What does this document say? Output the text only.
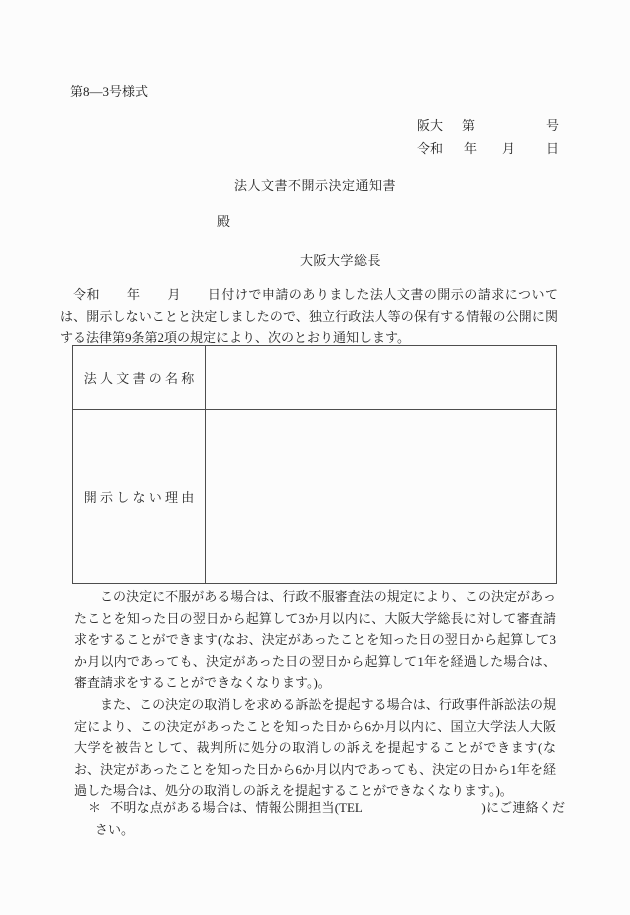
第8—3号様式
阪大 第	号
令和 年 月 日
法人文書不開示決定通知書
殿
大阪大学総長

令和　　年　　月　　日付けで申請のありました法人文書の開示の請求については、開示しないことと決定しましたので、独立行政法人等の保有する情報の公開に関する法律第9条第2項の規定により、次のとおり通知します。

法 人 文 書 の 名 称	
開 示 し な い 理 由	

この決定に不服がある場合は、行政不服審査法の規定により、この決定があったことを知った日の翌日から起算して3か月以内に、大阪大学総長に対して審査請求をすることができます(なお、決定があったことを知った日の翌日から起算して3か月以内であっても、決定があった日の翌日から起算して1年を経過した場合は、審査請求をすることができなくなります。)。

また、この決定の取消しを求める訴訟を提起する場合は、行政事件訴訟法の規定により、この決定があったことを知った日から6か月以内に、国立大学法人大阪大学を被告として、裁判所に処分の取消しの訴えを提起することができます(なお、決定があったことを知った日から6か月以内であっても、決定の日から1年を経過した場合は、処分の取消しの訴えを提起することができなくなります。)。

＊ 不明な点がある場合は、情報公開担当(TEL　　　　　　　　　)にご連絡ください。
